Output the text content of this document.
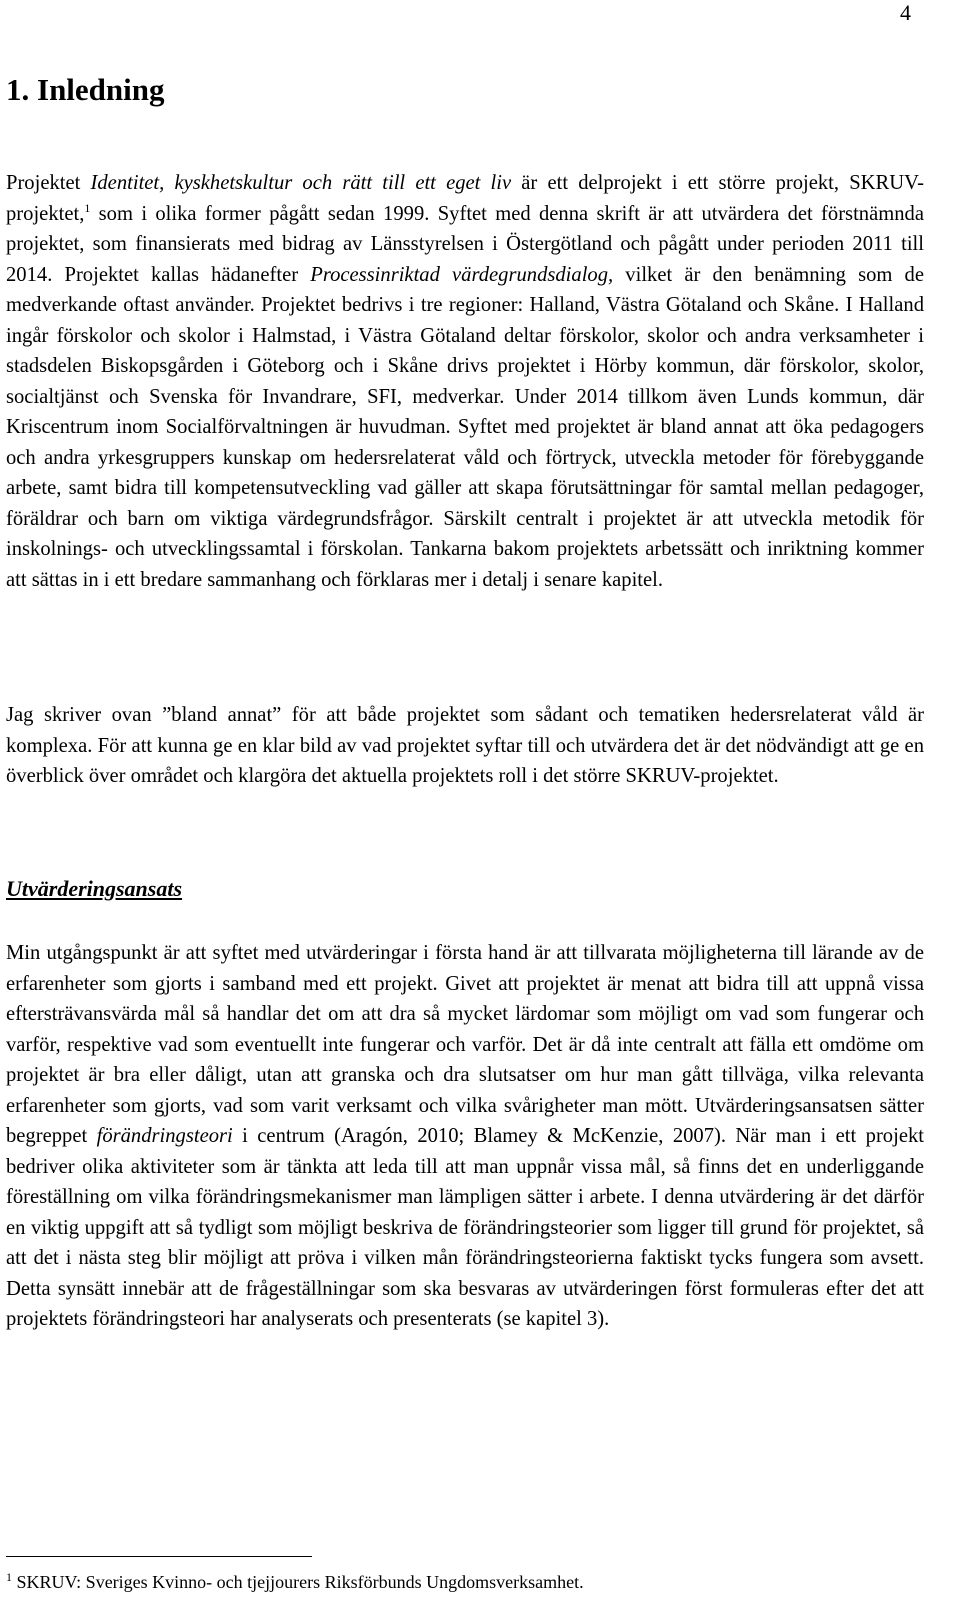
4
1. Inledning

Projektet Identitet, kyskhetskultur och rätt till ett eget liv är ett delprojekt i ett större projekt, SKRUV-projektet,$^1$ som i olika former pågått sedan 1999. Syftet med denna skrift är att utvärdera det förstnämnda projektet, som finansierats med bidrag av Länsstyrelsen i Östergötland och pågått under perioden 2011 till 2014. Projektet kallas hädanefter Processinriktad värdegrundsdialog, vilket är den benämning som de medverkande oftast använder. Projektet bedrivs i tre regioner: Halland, Västra Götaland och Skåne. I Halland ingår förskolor och skolor i Halmstad, i Västra Götaland deltar förskolor, skolor och andra verksamheter i stadsdelen Biskopsgården i Göteborg och i Skåne drivs projektet i Hörby kommun, där förskolor, skolor, socialtjänst och Svenska för Invandrare, SFI, medverkar. Under 2014 tillkom även Lunds kommun, där Kriscentrum inom Socialförvaltningen är huvudman. Syftet med projektet är bland annat att öka pedagogers och andra yrkesgruppers kunskap om hedersrelaterat våld och förtryck, utveckla metoder för förebyggande arbete, samt bidra till kompetensutveckling vad gäller att skapa förutsättningar för samtal mellan pedagoger, föräldrar och barn om viktiga värdegrundsfrågor. Särskilt centralt i projektet är att utveckla metodik för inskolnings- och utvecklingssamtal i förskolan. Tankarna bakom projektets arbetssätt och inriktning kommer att sättas in i ett bredare sammanhang och förklaras mer i detalj i senare kapitel.

Jag skriver ovan ”bland annat” för att både projektet som sådant och tematiken hedersrelaterat våld är komplexa. För att kunna ge en klar bild av vad projektet syftar till och utvärdera det är det nödvändigt att ge en överblick över området och klargöra det aktuella projektets roll i det större SKRUV-projektet.

Utvärderingsansats

Min utgångspunkt är att syftet med utvärderingar i första hand är att tillvarata möjligheterna till lärande av de erfarenheter som gjorts i samband med ett projekt. Givet att projektet är menat att bidra till att uppnå vissa eftersträvansvärda mål så handlar det om att dra så mycket lärdomar som möjligt om vad som fungerar och varför, respektive vad som eventuellt inte fungerar och varför. Det är då inte centralt att fälla ett omdöme om projektet är bra eller dåligt, utan att granska och dra slutsatser om hur man gått tillväga, vilka relevanta erfarenheter som gjorts, vad som varit verksamt och vilka svårigheter man mött. Utvärderingsansatsen sätter begreppet förändringsteori i centrum (Aragón, 2010; Blamey & McKenzie, 2007). När man i ett projekt bedriver olika aktiviteter som är tänkta att leda till att man uppnår vissa mål, så finns det en underliggande föreställning om vilka förändringsmekanismer man lämpligen sätter i arbete. I denna utvärdering är det därför en viktig uppgift att så tydligt som möjligt beskriva de förändringsteorier som ligger till grund för projektet, så att det i nästa steg blir möjligt att pröva i vilken mån förändringsteorierna faktiskt tycks fungera som avsett. Detta synsätt innebär att de frågeställningar som ska besvaras av utvärderingen först formuleras efter det att projektets förändringsteori har analyserats och presenterats (se kapitel 3).

$^1$ SKRUV: Sveriges Kvinno- och tjejjourers Riksförbunds Ungdomsverksamhet.
